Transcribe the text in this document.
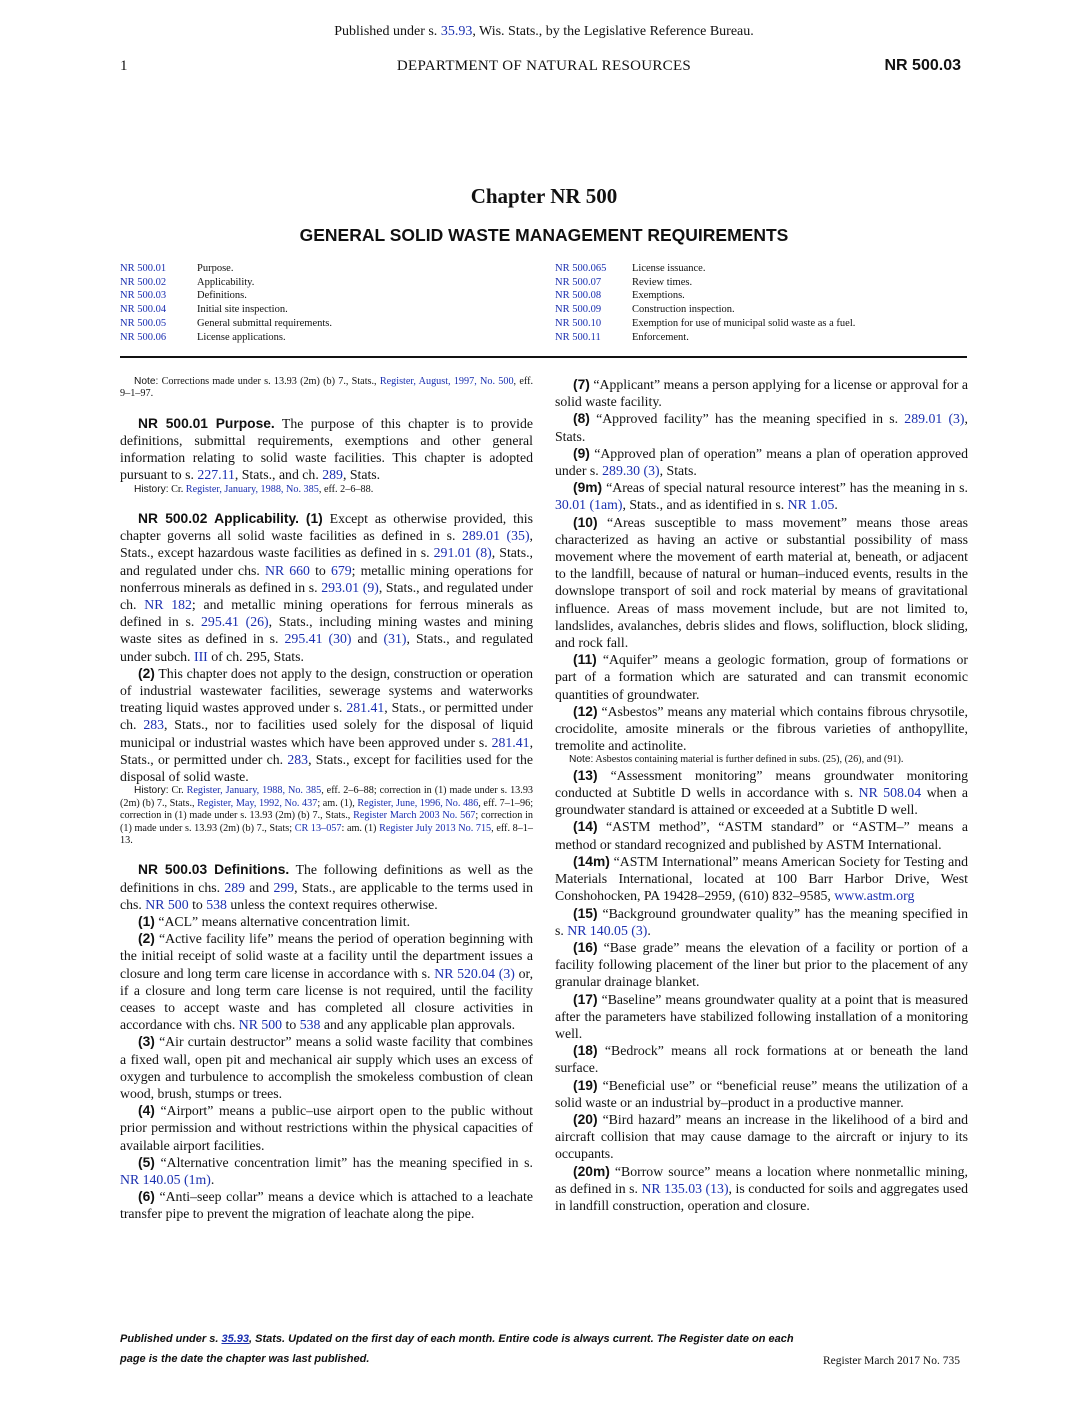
Published under s. 35.93, Wis. Stats., by the Legislative Reference Bureau.
1	DEPARTMENT OF NATURAL RESOURCES	NR 500.03
Chapter NR 500
GENERAL SOLID WASTE MANAGEMENT REQUIREMENTS
NR 500.01	Purpose.
NR 500.02	Applicability.
NR 500.03	Definitions.
NR 500.04	Initial site inspection.
NR 500.05	General submittal requirements.
NR 500.06	License applications.
NR 500.065	License issuance.
NR 500.07	Review times.
NR 500.08	Exemptions.
NR 500.09	Construction inspection.
NR 500.10	Exemption for use of municipal solid waste as a fuel.
NR 500.11	Enforcement.

Note: Corrections made under s. 13.93 (2m) (b) 7., Stats., Register, August, 1997, No. 500, eff. 9–1–97.

NR 500.01 Purpose. The purpose of this chapter is to provide definitions, submittal requirements, exemptions and other general information relating to solid waste facilities. This chapter is adopted pursuant to s. 227.11, Stats., and ch. 289, Stats.

History: Cr. Register, January, 1988, No. 385, eff. 2–6–88.

NR 500.02 Applicability. (1) Except as otherwise provided, this chapter governs all solid waste facilities as defined in s. 289.01 (35), Stats., except hazardous waste facilities as defined in s. 291.01 (8), Stats., and regulated under chs. NR 660 to 679; metallic mining operations for nonferrous minerals as defined in s. 293.01 (9), Stats., and regulated under ch. NR 182; and metallic mining operations for ferrous minerals as defined in s. 295.41 (26), Stats., including mining wastes and mining waste sites as defined in s. 295.41 (30) and (31), Stats., and regulated under subch. III of ch. 295, Stats.

(2) This chapter does not apply to the design, construction or operation of industrial wastewater facilities, sewerage systems and waterworks treating liquid wastes approved under s. 281.41, Stats., or permitted under ch. 283, Stats., nor to facilities used solely for the disposal of liquid municipal or industrial wastes which have been approved under s. 281.41, Stats., or permitted under ch. 283, Stats., except for facilities used for the disposal of solid waste.

History: Cr. Register, January, 1988, No. 385, eff. 2–6–88; correction in (1) made under s. 13.93 (2m) (b) 7., Stats., Register, May, 1992, No. 437; am. (1), Register, June, 1996, No. 486, eff. 7–1–96; correction in (1) made under s. 13.93 (2m) (b) 7., Stats., Register March 2003 No. 567; correction in (1) made under s. 13.93 (2m) (b) 7., Stats; CR 13–057: am. (1) Register July 2013 No. 715, eff. 8–1–13.

NR 500.03 Definitions. The following definitions as well as the definitions in chs. 289 and 299, Stats., are applicable to the terms used in chs. NR 500 to 538 unless the context requires otherwise.

(1) “ACL” means alternative concentration limit.

(2) “Active facility life” means the period of operation beginning with the initial receipt of solid waste at a facility until the department issues a closure and long term care license in accordance with s. NR 520.04 (3) or, if a closure and long term care license is not required, until the facility ceases to accept waste and has completed all closure activities in accordance with chs. NR 500 to 538 and any applicable plan approvals.

(3) “Air curtain destructor” means a solid waste facility that combines a fixed wall, open pit and mechanical air supply which uses an excess of oxygen and turbulence to accomplish the smokeless combustion of clean wood, brush, stumps or trees.

(4) “Airport” means a public–use airport open to the public without prior permission and without restrictions within the physical capacities of available airport facilities.

(5) “Alternative concentration limit” has the meaning specified in s. NR 140.05 (1m).

(6) “Anti–seep collar” means a device which is attached to a leachate transfer pipe to prevent the migration of leachate along the pipe.

(7) “Applicant” means a person applying for a license or approval for a solid waste facility.

(8) “Approved facility” has the meaning specified in s. 289.01 (3), Stats.

(9) “Approved plan of operation” means a plan of operation approved under s. 289.30 (3), Stats.

(9m) “Areas of special natural resource interest” has the meaning in s. 30.01 (1am), Stats., and as identified in s. NR 1.05.

(10) “Areas susceptible to mass movement” means those areas characterized as having an active or substantial possibility of mass movement where the movement of earth material at, beneath, or adjacent to the landfill, because of natural or human–induced events, results in the downslope transport of soil and rock material by means of gravitational influence. Areas of mass movement include, but are not limited to, landslides, avalanches, debris slides and flows, solifluction, block sliding, and rock fall.

(11) “Aquifer” means a geologic formation, group of formations or part of a formation which are saturated and can transmit economic quantities of groundwater.

(12) “Asbestos” means any material which contains fibrous chrysotile, crocidolite, amosite minerals or the fibrous varieties of anthopyllite, tremolite and actinolite.

Note: Asbestos containing material is further defined in subs. (25), (26), and (91).

(13) “Assessment monitoring” means groundwater monitoring conducted at Subtitle D wells in accordance with s. NR 508.04 when a groundwater standard is attained or exceeded at a Subtitle D well.

(14) “ASTM method”, “ASTM standard” or “ASTM–” means a method or standard recognized and published by ASTM International.

(14m) “ASTM International” means American Society for Testing and Materials International, located at 100 Barr Harbor Drive, West Conshohocken, PA 19428–2959, (610) 832–9585, www.astm.org

(15) “Background groundwater quality” has the meaning specified in s. NR 140.05 (3).

(16) “Base grade” means the elevation of a facility or portion of a facility following placement of the liner but prior to the placement of any granular drainage blanket.

(17) “Baseline” means groundwater quality at a point that is measured after the parameters have stabilized following installation of a monitoring well.

(18) “Bedrock” means all rock formations at or beneath the land surface.

(19) “Beneficial use” or “beneficial reuse” means the utilization of a solid waste or an industrial by–product in a productive manner.

(20) “Bird hazard” means an increase in the likelihood of a bird and aircraft collision that may cause damage to the aircraft or injury to its occupants.

(20m) “Borrow source” means a location where nonmetallic mining, as defined in s. NR 135.03 (13), is conducted for soils and aggregates used in landfill construction, operation and closure.

Published under s. 35.93, Stats. Updated on the first day of each month. Entire code is always current. The Register date on each
page is the date the chapter was last published.	Register March 2017 No. 735
